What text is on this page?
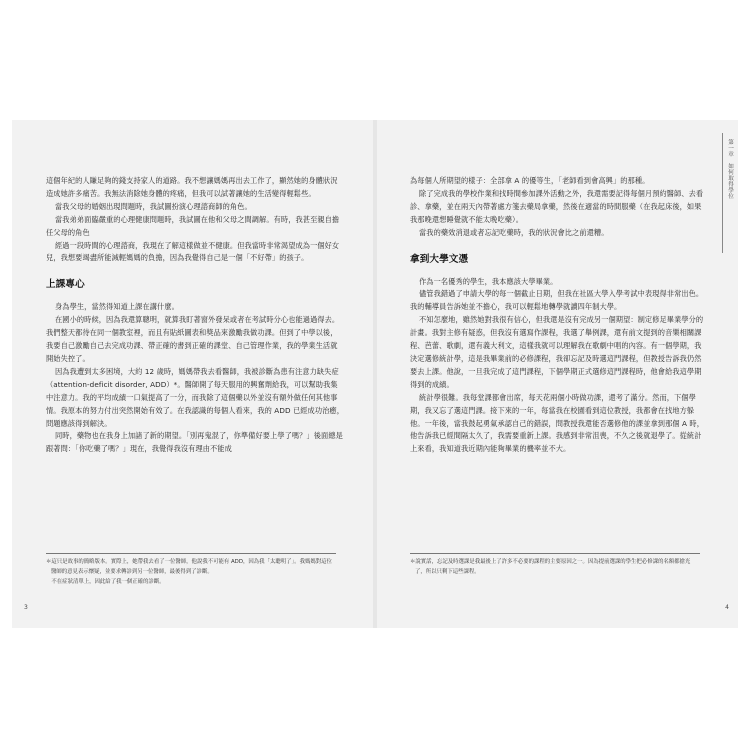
這個年紀的人賺足夠的錢支持家人的道路。我不想讓媽媽再出去工作了，顯然她的身體狀況造成她許多痛苦。我無法消除她身體的疼痛，但我可以試著讓她的生活變得輕鬆些。

當我父母的婚姻出現問題時，我試圖扮演心理諮商師的角色。

當我弟弟面臨嚴重的心理健康問題時，我試圖在他和父母之間調解。有時，我甚至親自擔任父母的角色

經過一段時間的心理諮商，我現在了解這樣做並不健康。但我當時非常渴望成為一個好女兒，我想要竭盡所能減輕媽媽的負擔，因為我覺得自己是一個「不好帶」的孩子。

上課專心

身為學生，當然得知道上課在講什麼。

在國小的時候，因為我還算聰明，就算我盯著窗外發呆或者在考試時分心也能過過得去。我們整天都待在同一個教室裡，而且有貼紙圖表和獎品來激勵我做功課。但到了中學以後，我要自己激勵自己去完成功課、帶正確的書到正確的課堂、自己管理作業，我的學業生活就開始失控了。

因為我遭到太多困境，大約 12 歲時，媽媽帶我去看醫師，我被診斷為患有注意力缺失症（attention-deficit disorder, ADD）*。醫師開了每天服用的興奮劑給我，可以幫助我集中注意力。我的平均成績一口氣提高了一分，而我除了這個藥以外並沒有額外做任何其他事情。我原本的努力付出突然開始有效了。在我認識的每個人看來，我的 ADD 已經成功治癒，問題應該得到解決。

同時，藥物也在我身上加諸了新的期望。「別再鬼混了，你準備好要上學了嗎？」後面總是跟著問：「你吃藥了嗎？」現在，我覺得我沒有理由不能成

＊這只是故事的簡略版本。實際上，她帶我去看了一位醫師，他說我不可能有 ADD，因為我「太聰明了」。我媽媽對這位醫師的意見表示懷疑，並要求轉診到另一位醫師，最後得到了診斷。

　不在症狀清單上，因此給了我一個正確的診斷。

3
第一章　如何取得學位

為每個人所期望的樣子：全部拿 A 的優等生，「老師看到會高興」的那種。

除了完成我的學校作業和找時間參加課外活動之外，我還需要記得每個月預約醫師、去看診、拿藥，並在兩天內帶著處方箋去藥局拿藥，然後在適當的時間服藥（在我起床後，如果我那晚還想睡覺就不能太晚吃藥）。

當我的藥效消退或者忘記吃藥時，我的狀況會比之前還糟。

拿到大學文憑

作為一名優秀的學生，我本應該大學畢業。

儘管我錯過了申請大學的每一個截止日期，但我在社區大學入學考試中表現得非常出色。我的輔導員告訴她並不擔心，我可以輕鬆地轉學就讀四年制大學。

不知怎麼地，雖然她對我很有信心，但我還是沒有完成另一個期望：制定修足畢業學分的計畫。我對主修有疑惑，但我沒有選寫作課程，我選了舉例課，還有前文提到的音樂相關課程、芭蕾、歌劇，還有義大利文，這樣我就可以理解我在歌劇中唱的內容。有一個學期，我決定選修統計學，這是我畢業前的必修課程，我卻忘記及時選這門課程，但教授告訴我仍然要去上課。他說，一旦我完成了這門課程，下個學期正式選修這門課程時，他會給我這學期得到的成績。

統計學很難。我每堂課都會出席，每天花兩個小時做功課，還考了滿分。然而，下個學期，我又忘了選這門課。接下來的一年，每當我在校園看到這位教授，我都會在找地方躲他。一年後，當我鼓起勇氣承認自己的錯誤，問教授我還能否選修他的課並拿到那個 A 時，他告訴我已經間隔太久了，我需要重新上課。我感到非常沮喪，不久之後就退學了。從統計上來看，我知道我近期內能夠畢業的機率並不大。

＊說實話，忘記及時選課是我最後上了許多不必要的課程的主要原因之一。因為提前選課的學生把必修課的名額都搶光了，所以只剩下這些課程。

4
